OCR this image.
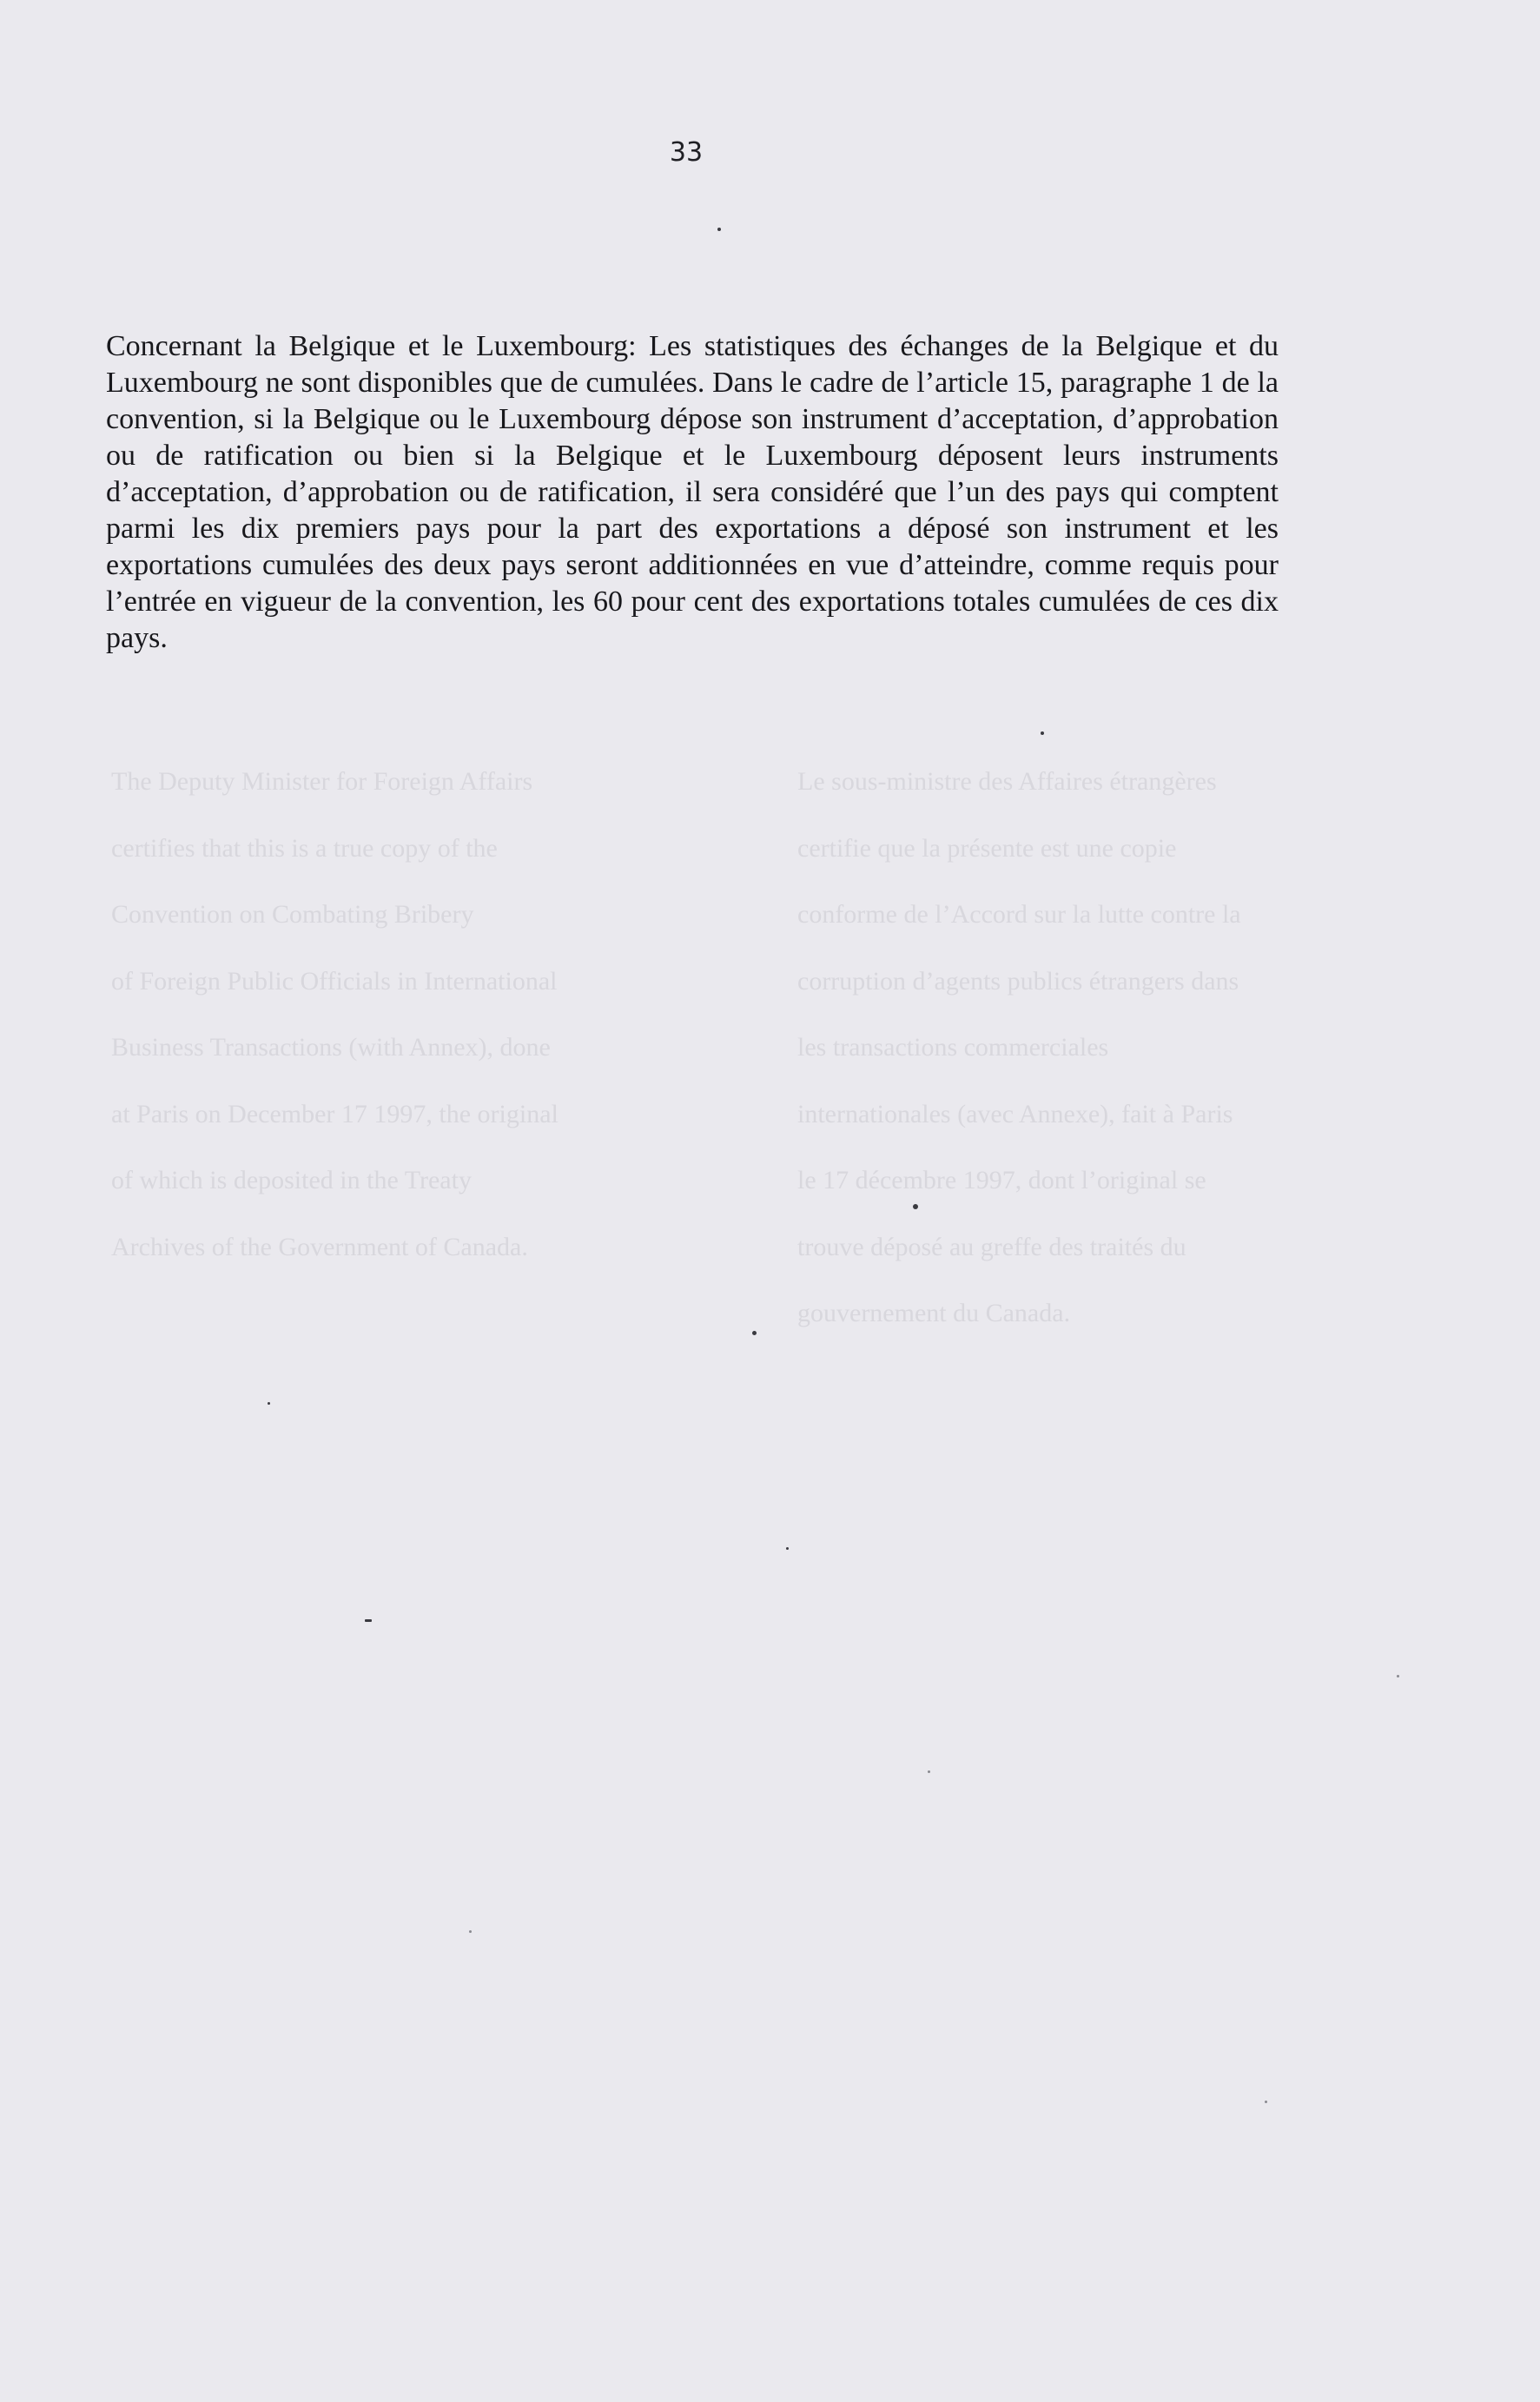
33

Concernant la Belgique et le Luxembourg: Les statistiques des échanges de la Belgique et du Luxembourg ne sont disponibles que de cumulées. Dans le cadre de l’article 15, paragraphe 1 de la convention, si la Belgique ou le Luxembourg dépose son instrument d’acceptation, d’approbation ou de ratification ou bien si la Belgique et le Luxembourg déposent leurs instruments d’acceptation, d’approbation ou de ratification, il sera considéré que l’un des pays qui comptent parmi les dix premiers pays pour la part des exportations a déposé son instrument et les exportations cumulées des deux pays seront additionnées en vue d’atteindre, comme requis pour l’entrée en vigueur de la convention, les 60 pour cent des exportations totales cumulées de ces dix pays.

The Deputy Minister for Foreign Affairs
certifies that this is a true copy of the
Convention on Combating Bribery
of Foreign Public Officials in International
Business Transactions (with Annex), done
at Paris on December 17 1997, the original
of which is deposited in the Treaty
Archives of the Government of Canada.
Le sous-ministre des Affaires étrangères
certifie que la présente est une copie
conforme de l’Accord sur la lutte contre la
corruption d’agents publics étrangers dans
les transactions commerciales
internationales (avec Annexe), fait à Paris
le 17 décembre 1997, dont l’original se
trouve déposé au greffe des traités du
gouvernement du Canada.
